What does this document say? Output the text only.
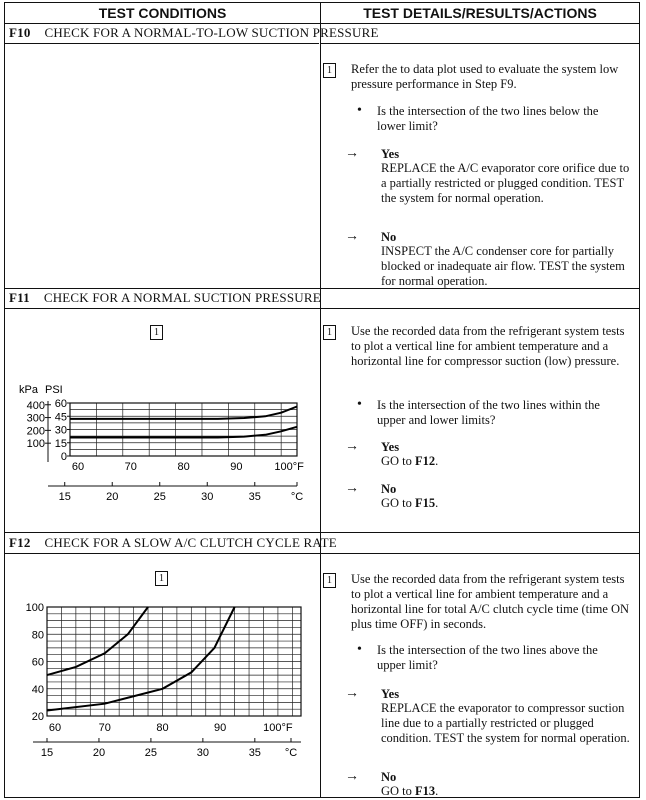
TEST CONDITIONS	TEST DETAILS/RESULTS/ACTIONS
F10 CHECK FOR A NORMAL-TO-LOW SUCTION PRESSURE
1	Refer the to data plot used to evaluate the system low pressure performance in Step F9.
• Is the intersection of the two lines below the lower limit?
→ Yes
REPLACE the A/C evaporator core orifice due to a partially restricted or plugged condition. TEST the system for normal operation.
→ No
INSPECT the A/C condenser core for partially blocked or inadequate air flow. TEST the system for normal operation.
F11 CHECK FOR A NORMAL SUCTION PRESSURE
1	1	Use the recorded data from the refrigerant system tests to plot a vertical line for ambient temperature and a horizontal line for compressor suction (low) pressure.
• Is the intersection of the two lines within the upper and lower limits?
→ Yes
GO to F12.
→ No
GO to F15.
kPa PSI
60
45
30
15
0
400
300
200
100
60	70	80	90	100°F
15	20	25	30	35	°C
F12 CHECK FOR A SLOW A/C CLUTCH CYCLE RATE
1	1	Use the recorded data from the refrigerant system tests to plot a vertical line for ambient temperature and a horizontal line for total A/C clutch cycle time (time ON plus time OFF) in seconds.
• Is the intersection of the two lines above the upper limit?
→ Yes
REPLACE the evaporator to compressor suction line due to a partially restricted or plugged condition. TEST the system for normal operation.
→ No
GO to F13.
100
80
60
40
20
60	70	80	90	100°F
15	20	25	30	35 °C
